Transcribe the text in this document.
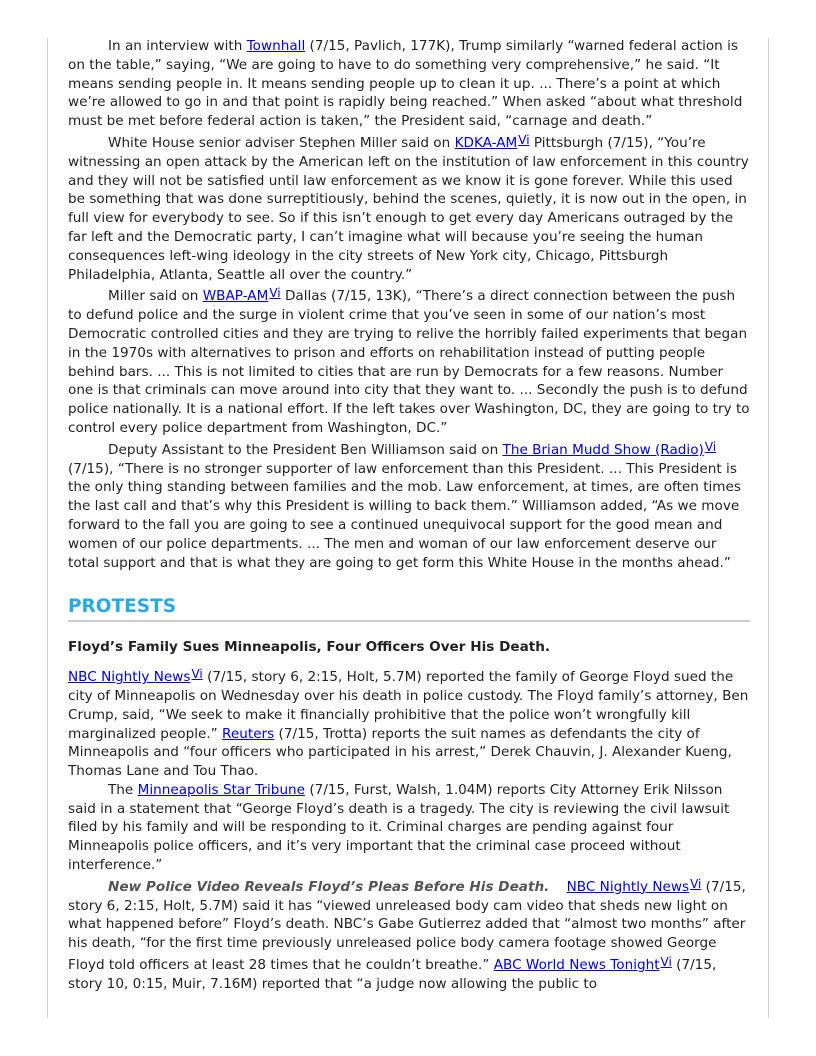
In an interview with Townhall (7/15, Pavlich, 177K), Trump similarly “warned federal action is on the table,” saying, “We are going to have to do something very comprehensive,” he said. “It means sending people in. It means sending people up to clean it up. ... There’s a point at which we’re allowed to go in and that point is rapidly being reached.” When asked “about what threshold must be met before federal action is taken,” the President said, “carnage and death.”

White House senior adviser Stephen Miller said on KDKA-AMVi Pittsburgh (7/15), “You’re witnessing an open attack by the American left on the institution of law enforcement in this country and they will not be satisfied until law enforcement as we know it is gone forever. While this used be something that was done surreptitiously, behind the scenes, quietly, it is now out in the open, in full view for everybody to see. So if this isn’t enough to get every day Americans outraged by the far left and the Democratic party, I can’t imagine what will because you’re seeing the human consequences left-wing ideology in the city streets of New York city, Chicago, Pittsburgh Philadelphia, Atlanta, Seattle all over the country.”

Miller said on WBAP-AMVi Dallas (7/15, 13K), “There’s a direct connection between the push to defund police and the surge in violent crime that you’ve seen in some of our nation’s most Democratic controlled cities and they are trying to relive the horribly failed experiments that began in the 1970s with alternatives to prison and efforts on rehabilitation instead of putting people behind bars. ... This is not limited to cities that are run by Democrats for a few reasons. Number one is that criminals can move around into city that they want to. ... Secondly the push is to defund police nationally. It is a national effort. If the left takes over Washington, DC, they are going to try to control every police department from Washington, DC.”

Deputy Assistant to the President Ben Williamson said on The Brian Mudd Show (Radio)Vi (7/15), “There is no stronger supporter of law enforcement than this President. ... This President is the only thing standing between families and the mob. Law enforcement, at times, are often times the last call and that’s why this President is willing to back them.” Williamson added, “As we move forward to the fall you are going to see a continued unequivocal support for the good mean and women of our police departments. ... The men and woman of our law enforcement deserve our total support and that is what they are going to get form this White House in the months ahead.”

PROTESTS

Floyd’s Family Sues Minneapolis, Four Officers Over His Death.

NBC Nightly NewsVi (7/15, story 6, 2:15, Holt, 5.7M) reported the family of George Floyd sued the city of Minneapolis on Wednesday over his death in police custody. The Floyd family’s attorney, Ben Crump, said, “We seek to make it financially prohibitive that the police won’t wrongfully kill marginalized people.” Reuters (7/15, Trotta) reports the suit names as defendants the city of Minneapolis and “four officers who participated in his arrest,” Derek Chauvin, J. Alexander Kueng, Thomas Lane and Tou Thao.

The Minneapolis Star Tribune (7/15, Furst, Walsh, 1.04M) reports City Attorney Erik Nilsson said in a statement that “George Floyd’s death is a tragedy. The city is reviewing the civil lawsuit filed by his family and will be responding to it. Criminal charges are pending against four Minneapolis police officers, and it’s very important that the criminal case proceed without interference.”

New Police Video Reveals Floyd’s Pleas Before His Death. NBC Nightly NewsVi (7/15, story 6, 2:15, Holt, 5.7M) said it has “viewed unreleased body cam video that sheds new light on what happened before” Floyd’s death. NBC’s Gabe Gutierrez added that “almost two months” after his death, “for the first time previously unreleased police body camera footage showed George Floyd told officers at least 28 times that he couldn’t breathe.” ABC World News TonightVi (7/15, story 10, 0:15, Muir, 7.16M) reported that “a judge now allowing the public to
